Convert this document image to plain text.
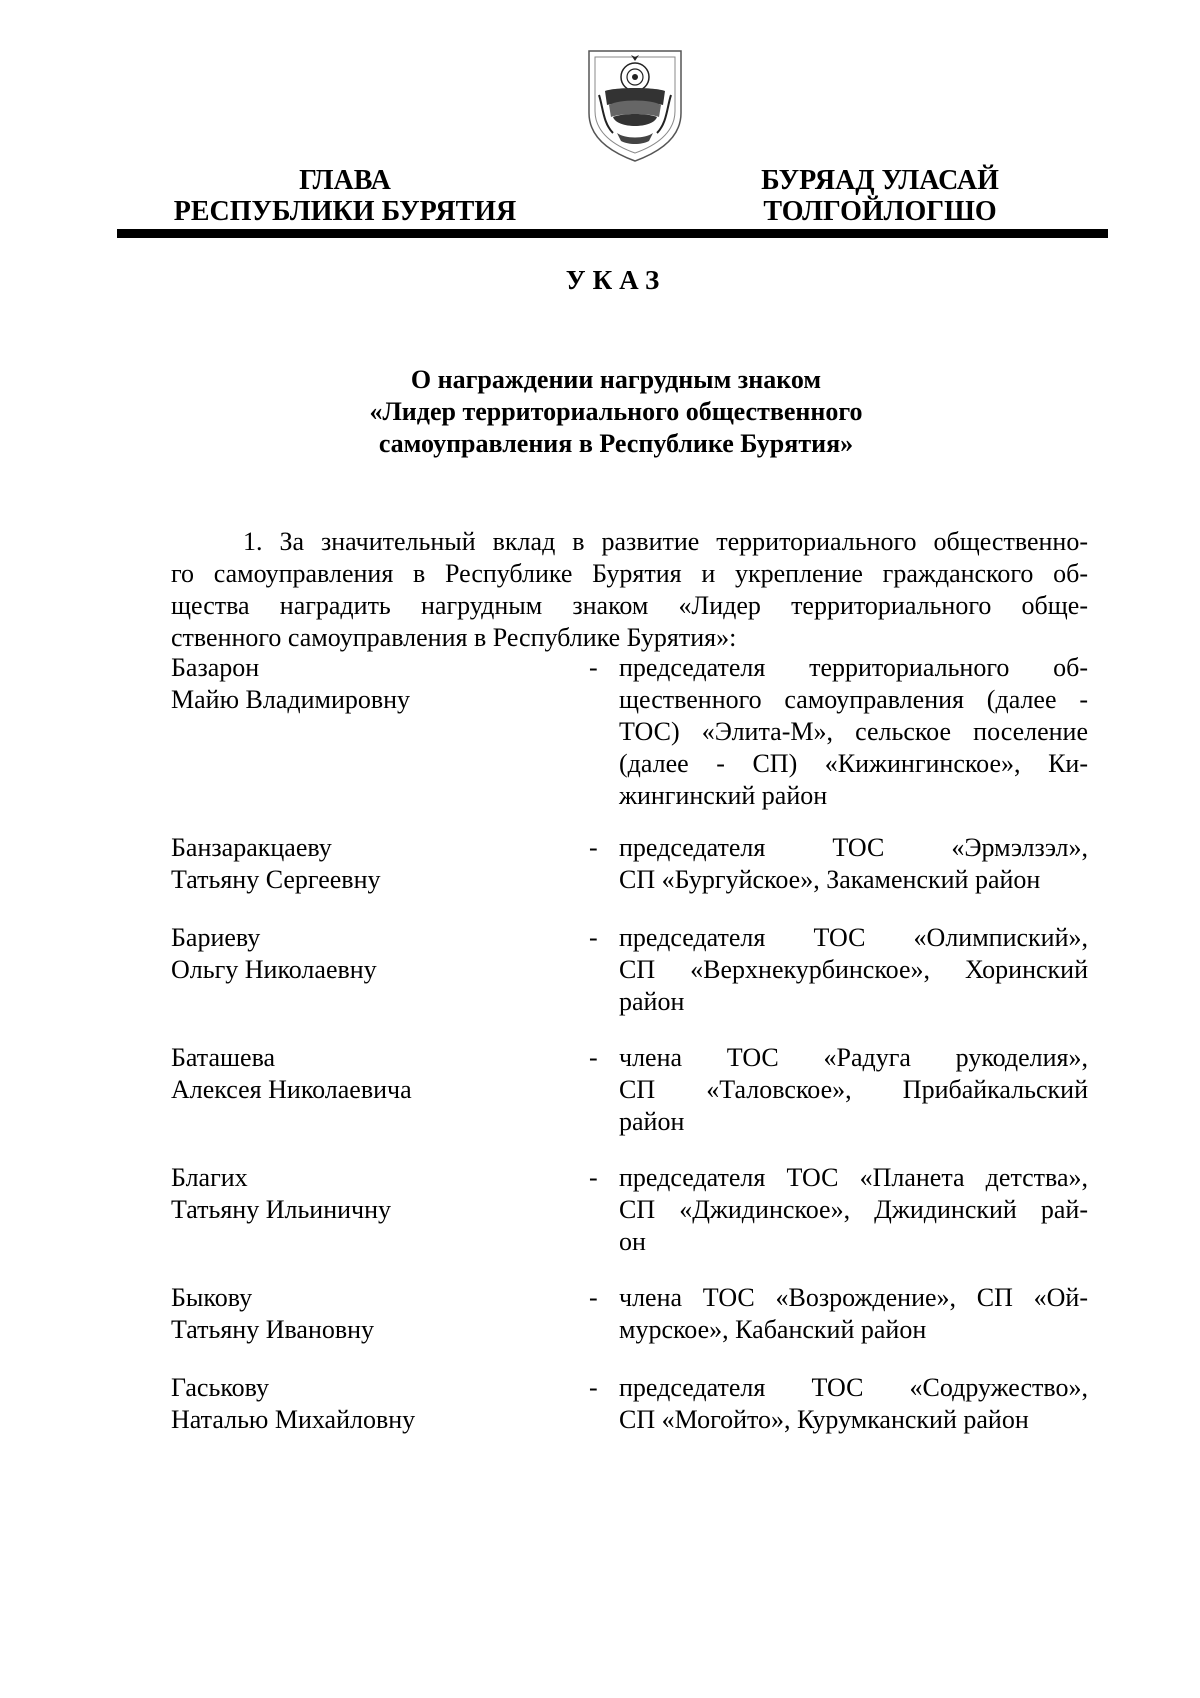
ГЛАВА
РЕСПУБЛИКИ БУРЯТИЯ
БУРЯАД УЛАСАЙ
ТОЛГОЙЛОГШО
УКАЗ
О награждении нагрудным знаком
«Лидер территориального общественного
самоуправления в Республике Бурятия»
1. За значительный вклад в развитие территориального общественно-
го самоуправления в Республике Бурятия и укрепление гражданского об-
щества наградить нагрудным знаком «Лидер территориального обще-
ственного самоуправления в Республике Бурятия»:
Базарон
Майю Владимировну
- председателя территориального об-
щественного самоуправления (далее -
ТОС) «Элита-М», сельское поселение
(далее - СП) «Кижингинское», Ки-
жингинский район
Банзаракцаеву
Татьяну Сергеевну
- председателя ТОС «Эрмэлзэл»,
СП «Бургуйское», Закаменский район
Бариеву
Ольгу Николаевну
- председателя ТОС «Олимпиский»,
СП «Верхнекурбинское», Хоринский
район
Баташева
Алексея Николаевича
- члена ТОС «Радуга рукоделия»,
СП «Таловское», Прибайкальский
район
Благих
Татьяну Ильиничну
- председателя ТОС «Планета детства»,
СП «Джидинское», Джидинский рай-
он
Быкову
Татьяну Ивановну
- члена ТОС «Возрождение», СП «Ой-
мурское», Кабанский район
Гаськову
Наталью Михайловну
- председателя ТОС «Содружество»,
СП «Могойто», Курумканский район
